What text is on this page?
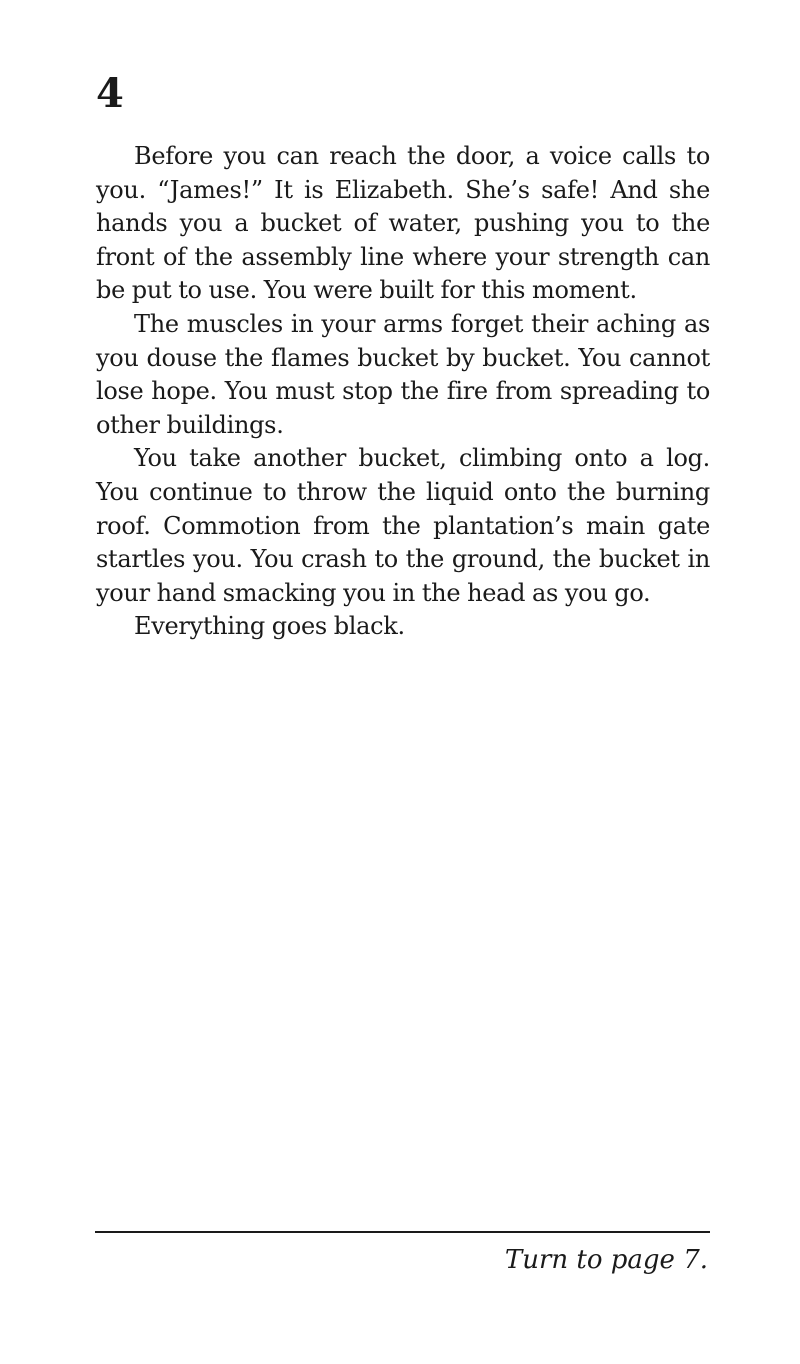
4

Before you can reach the door, a voice calls to you. “James!” It is Elizabeth. She’s safe! And she hands you a bucket of water, pushing you to the front of the assembly line where your strength can be put to use. You were built for this moment.

The muscles in your arms forget their aching as you douse the flames bucket by bucket. You cannot lose hope. You must stop the fire from spreading to other buildings.

You take another bucket, climbing onto a log. You continue to throw the liquid onto the burning roof. Commotion from the plantation’s main gate startles you. You crash to the ground, the bucket in your hand smacking you in the head as you go.

Everything goes black.

Turn to page 7.
